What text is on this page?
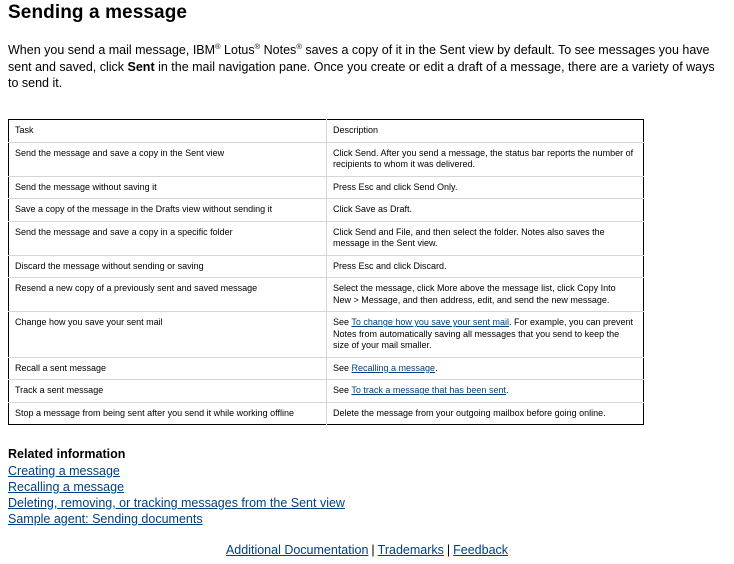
Sending a message

When you send a mail message, IBM® Lotus® Notes® saves a copy of it in the Sent view by default. To see messages you have sent and saved, click Sent in the mail navigation pane. Once you create or edit a draft of a message, there are a variety of ways to send it.

Task	Description
Send the message and save a copy in the Sent view	Click Send. After you send a message, the status bar reports the number of recipients to whom it was delivered.
Send the message without saving it	Press Esc and click Send Only.
Save a copy of the message in the Drafts view without sending it	Click Save as Draft.
Send the message and save a copy in a specific folder	Click Send and File, and then select the folder. Notes also saves the message in the Sent view.
Discard the message without sending or saving	Press Esc and click Discard.
Resend a new copy of a previously sent and saved message	Select the message, click More above the message list, click Copy Into New > Message, and then address, edit, and send the new message.
Change how you save your sent mail	See To change how you save your sent mail. For example, you can prevent Notes from automatically saving all messages that you send to keep the size of your mail smaller.
Recall a sent message	See Recalling a message.
Track a sent message	See To track a message that has been sent.
Stop a message from being sent after you send it while working offline	Delete the message from your outgoing mailbox before going online.
Related information
Creating a message
Recalling a message
Deleting, removing, or tracking messages from the Sent view
Sample agent: Sending documents
Additional Documentation | Trademarks | Feedback
